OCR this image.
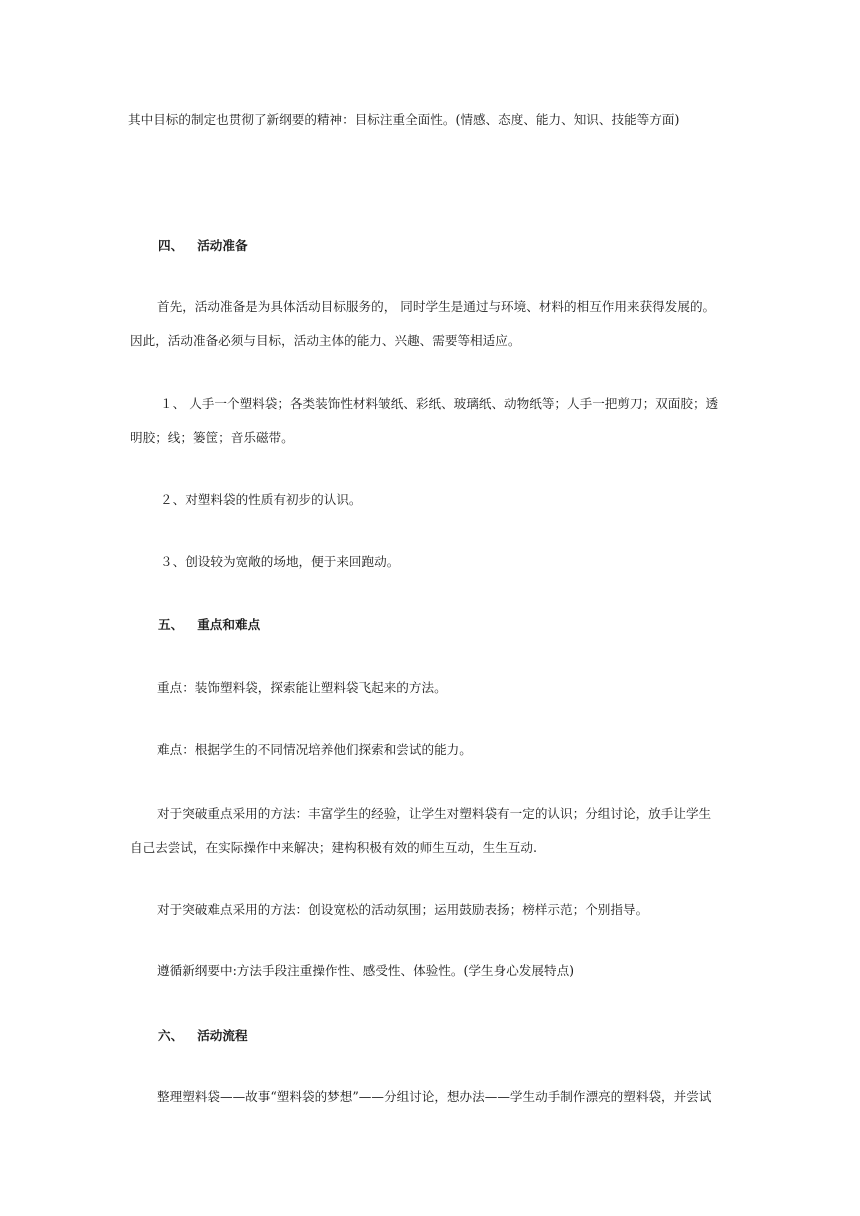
其中目标的制定也贯彻了新纲要的精神：目标注重全面性。(情感、态度、能力、知识、技能等方面)
四、 活动准备
首先，活动准备是为具体活动目标服务的， 同时学生是通过与环境、材料的相互作用来获得发展的。
因此，活动准备必须与目标，活动主体的能力、兴趣、需要等相适应。
１、 人手一个塑料袋；各类装饰性材料皱纸、彩纸、玻璃纸、动物纸等；人手一把剪刀；双面胶；透
明胶；线；篓筐；音乐磁带。
２、对塑料袋的性质有初步的认识。
３、创设较为宽敞的场地，便于来回跑动。
五、 重点和难点
重点：装饰塑料袋，探索能让塑料袋飞起来的方法。
难点：根据学生的不同情况培养他们探索和尝试的能力。
对于突破重点采用的方法：丰富学生的经验，让学生对塑料袋有一定的认识；分组讨论，放手让学生
自己去尝试，在实际操作中来解决；建构积极有效的师生互动，生生互动.
对于突破难点采用的方法：创设宽松的活动氛围；运用鼓励表扬；榜样示范；个别指导。
遵循新纲要中:方法手段注重操作性、感受性、体验性。(学生身心发展特点)
六、 活动流程
整理塑料袋——故事“塑料袋的梦想”——分组讨论，想办法——学生动手制作漂亮的塑料袋，并尝试
